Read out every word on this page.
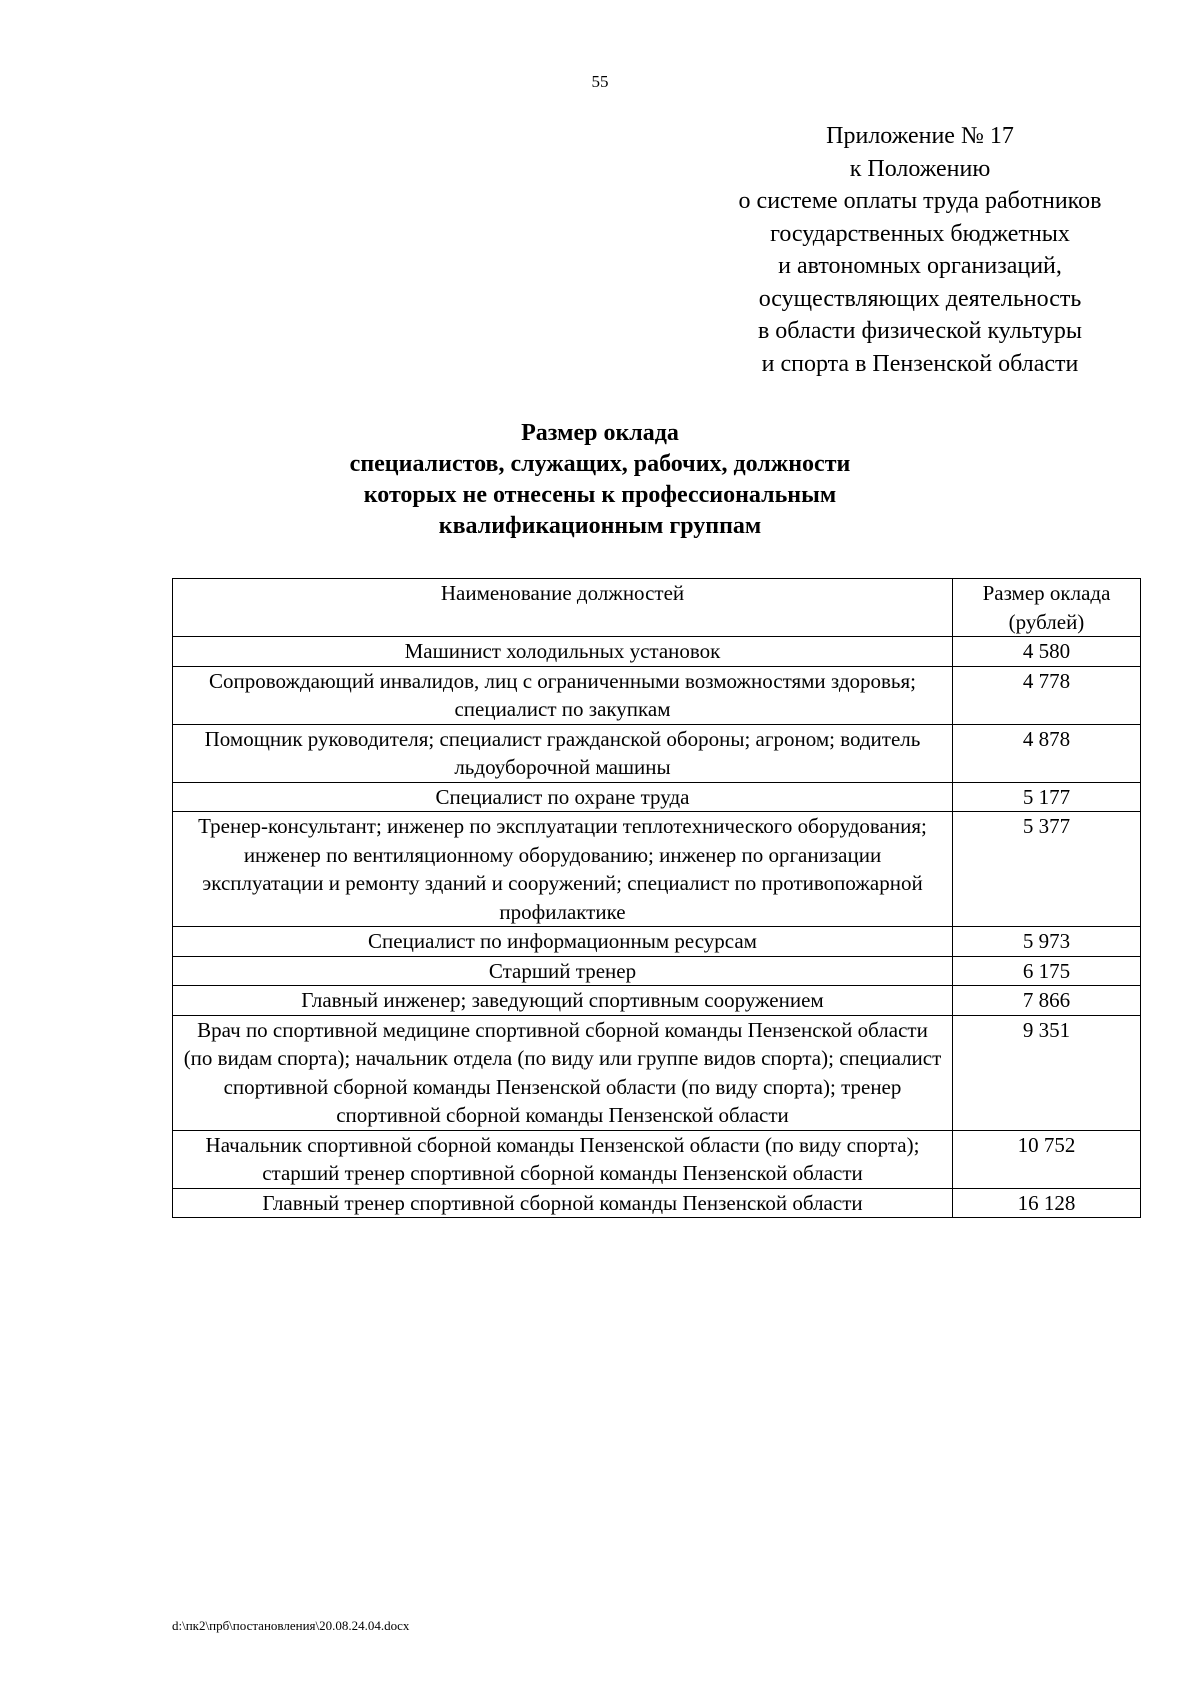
55
Приложение № 17
к Положению
о системе оплаты труда работников
государственных бюджетных
и автономных организаций,
осуществляющих деятельность
в области физической культуры
и спорта в Пензенской области
Размер оклада
специалистов, служащих, рабочих, должности
которых не отнесены к профессиональным
квалификационным группам
Наименование должностей	Размер оклада (рублей)
Машинист холодильных установок	4 580
Сопровождающий инвалидов, лиц с ограниченными возможностями здоровья; специалист по закупкам	4 778
Помощник руководителя; специалист гражданской обороны; агроном; водитель льдоуборочной машины	4 878
Специалист по охране труда	5 177
Тренер-консультант; инженер по эксплуатации теплотехнического оборудования; инженер по вентиляционному оборудованию; инженер по организации эксплуатации и ремонту зданий и сооружений; специалист по противопожарной профилактике	5 377
Специалист по информационным ресурсам	5 973
Старший тренер	6 175
Главный инженер; заведующий спортивным сооружением	7 866
Врач по спортивной медицине спортивной сборной команды Пензенской области (по видам спорта); начальник отдела (по виду или группе видов спорта); специалист спортивной сборной команды Пензенской области (по виду спорта); тренер спортивной сборной команды Пензенской области	9 351
Начальник спортивной сборной команды Пензенской области (по виду спорта); старший тренер спортивной сборной команды Пензенской области	10 752
Главный тренер спортивной сборной команды Пензенской области	16 128
d:\пк2\прб\постановления\20.08.24.04.docx
